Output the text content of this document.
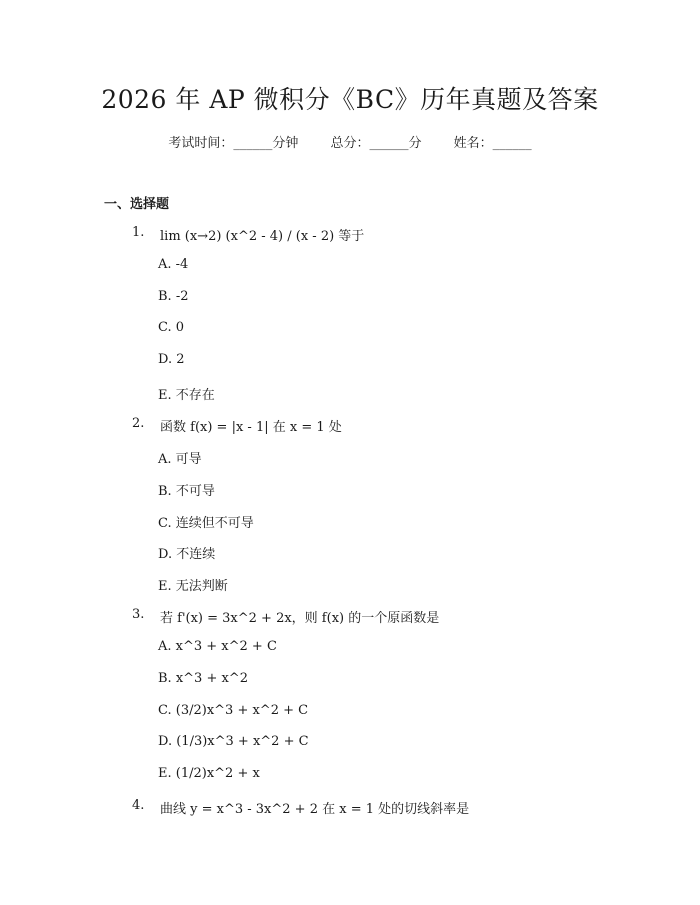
2026 年 AP 微积分《BC》历年真题及答案
考试时间：______分钟 总分：______分 姓名：______
一、选择题
1. lim (x→2) (x^2 - 4) / (x - 2) 等于
A. -4
B. -2
C. 0
D. 2
E. 不存在
2. 函数 f(x) = |x - 1| 在 x = 1 处
A. 可导
B. 不可导
C. 连续但不可导
D. 不连续
E. 无法判断
3. 若 f'(x) = 3x^2 + 2x，则 f(x) 的一个原函数是
A. x^3 + x^2 + C
B. x^3 + x^2
C. (3/2)x^3 + x^2 + C
D. (1/3)x^3 + x^2 + C
E. (1/2)x^2 + x
4. 曲线 y = x^3 - 3x^2 + 2 在 x = 1 处的切线斜率是
